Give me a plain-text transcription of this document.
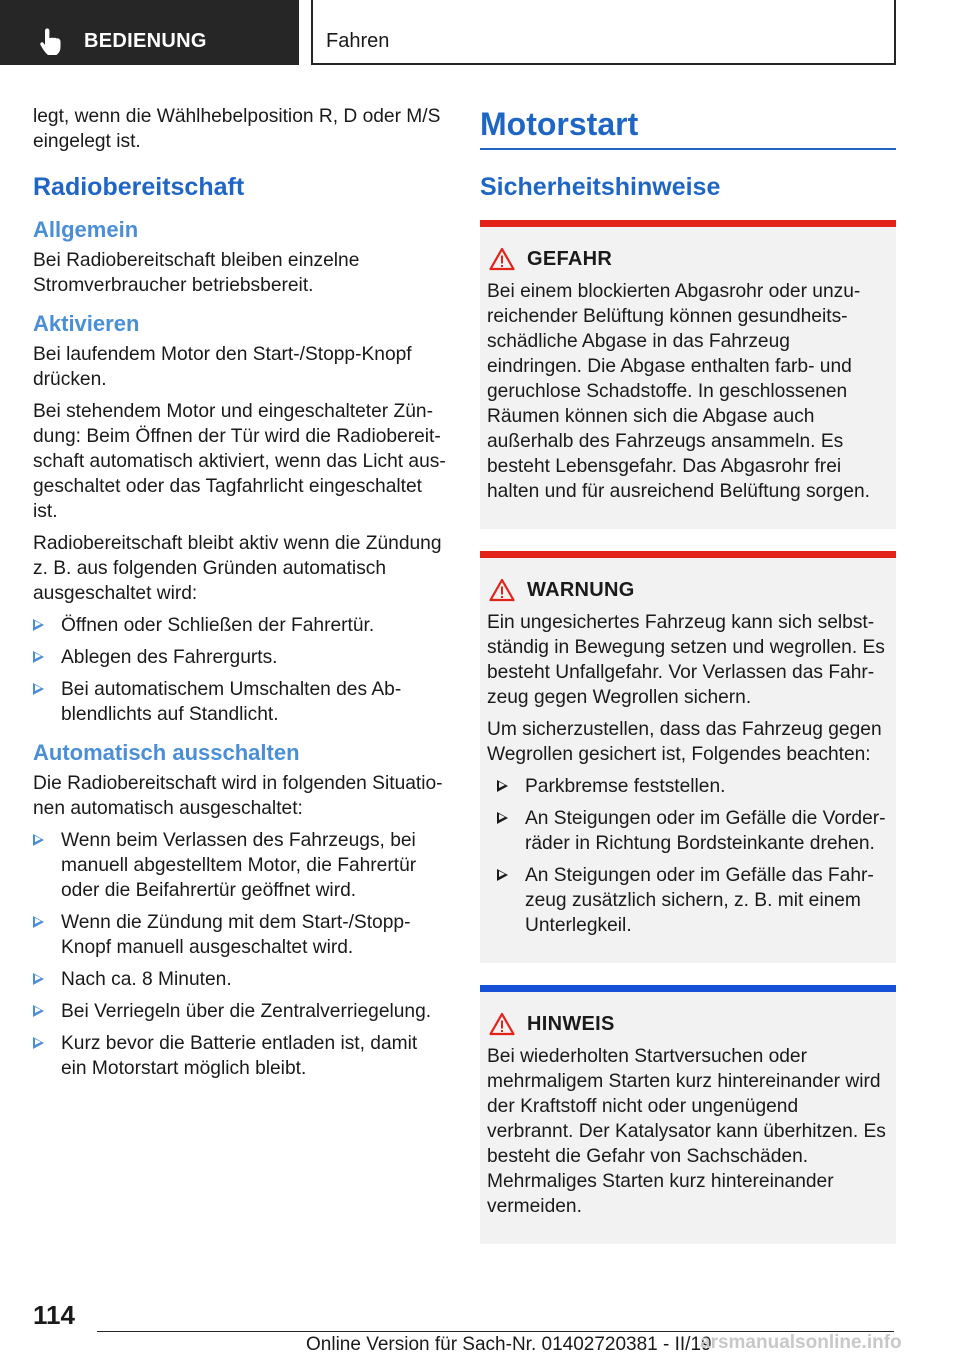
BEDIENUNG	Fahren

legt, wenn die Wählhebelposition R, D oder M/S eingelegt ist.

Radiobereitschaft
Allgemein

Bei Radiobereitschaft bleiben einzelne Stromverbraucher betriebsbereit.

Aktivieren

Bei laufendem Motor den Start-/Stopp-Knopf drücken.

Bei stehendem Motor und eingeschalteter Zündung: Beim Öffnen der Tür wird die Radiobereitschaft automatisch aktiviert, wenn das Licht ausgeschaltet oder das Tagfahrlicht eingeschaltet ist.

Radiobereitschaft bleibt aktiv wenn die Zündung z. B. aus folgenden Gründen automatisch ausgeschaltet wird:

Öffnen oder Schließen der Fahrertür.
Ablegen des Fahrergurts.
Bei automatischem Umschalten des Abblendlichts auf Standlicht.
Automatisch ausschalten

Die Radiobereitschaft wird in folgenden Situationen automatisch ausgeschaltet:

Wenn beim Verlassen des Fahrzeugs, bei manuell abgestelltem Motor, die Fahrertür oder die Beifahrertür geöffnet wird.
Wenn die Zündung mit dem Start-/Stopp-Knopf manuell ausgeschaltet wird.
Nach ca. 8 Minuten.
Bei Verriegeln über die Zentralverriegelung.
Kurz bevor die Batterie entladen ist, damit ein Motorstart möglich bleibt.
Motorstart
Sicherheitshinweise
GEFAHR

Bei einem blockierten Abgasrohr oder unzureichender Belüftung können gesundheitsschädliche Abgase in das Fahrzeug eindringen. Die Abgase enthalten farb- und geruchlose Schadstoffe. In geschlossenen Räumen können sich die Abgase auch außerhalb des Fahrzeugs ansammeln. Es besteht Lebensgefahr. Das Abgasrohr frei halten und für ausreichend Belüftung sorgen.

WARNUNG

Ein ungesichertes Fahrzeug kann sich selbstständig in Bewegung setzen und wegrollen. Es besteht Unfallgefahr. Vor Verlassen das Fahrzeug gegen Wegrollen sichern.

Um sicherzustellen, dass das Fahrzeug gegen Wegrollen gesichert ist, Folgendes beachten:

Parkbremse feststellen.
An Steigungen oder im Gefälle die Vorderräder in Richtung Bordsteinkante drehen.
An Steigungen oder im Gefälle das Fahrzeug zusätzlich sichern, z. B. mit einem Unterlegkeil.
HINWEIS

Bei wiederholten Startversuchen oder mehrmaligem Starten kurz hintereinander wird der Kraftstoff nicht oder ungenügend verbrannt. Der Katalysator kann überhitzen. Es besteht die Gefahr von Sachschäden. Mehrmaliges Starten kurz hintereinander vermeiden.

114
Online Version für Sach-Nr. 01402720381 - II/19
arsmanualsonline.info
